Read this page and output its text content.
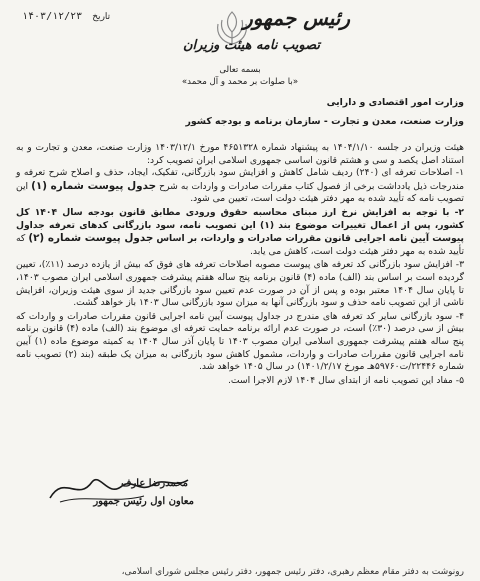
۱۴۰۳/۱۲/۲۳ تاریخ	رئیس جمهور
تصویب نامه هیئت وزیران

بسمه تعالی

«با صلوات بر محمد و آل محمد»

وزارت امور اقتصادی و دارایی

وزارت صنعت، معدن و تجارت - سازمان برنامه و بودجه کشور

هیئت وزیران در جلسه ۱۴۰۴/۱/۱۰ به پیشنهاد شماره ۴۶۵۱۳۲۸ مورخ ۱۴۰۳/۱۲/۱ وزارت صنعت، معدن و تجارت و به استناد اصل یکصد و سی و هشتم قانون اساسی جمهوری اسلامی ایران تصویب کرد:

۱- اصلاحات تعرفه ای (۲۴۰) ردیف شامل کاهش و افزایش سود بازرگانی، تفکیک، ایجاد، حذف و اصلاح شرح تعرفه و مندرجات ذیل یادداشت برخی از فصول کتاب مقررات صادرات و واردات به شرح جدول پیوست شماره (۱) این تصویب نامه که تأیید شده به مهر دفتر هیئت دولت است، تعیین می شود.

۲- با توجه به افزایش نرخ ارز مبنای محاسبه حقوق ورودی مطابق قانون بودجه سال ۱۴۰۴ کل کشور، پس از اعمال تغییرات موضوع بند (۱) این تصویب نامه، سود بازرگانی کدهای تعرفه جداول پیوست آیین نامه اجرایی قانون مقررات صادرات و واردات، بر اساس جدول پیوست شماره (۲) که تأیید شده به مهر دفتر هیئت دولت است، کاهش می یابد.

۳- افزایش سود بازرگانی کد تعرفه های پیوست مصوبه اصلاحات تعرفه های فوق که بیش از یازده درصد (۱۱٪)، تعیین گردیده است بر اساس بند (الف) ماده (۴) قانون برنامه پنج ساله هفتم پیشرفت جمهوری اسلامی ایران مصوب ۱۴۰۳، تا پایان سال ۱۴۰۴ معتبر بوده و پس از آن در صورت عدم تعیین سود بازرگانی جدید از سوی هیئت وزیران، افزایش ناشی از این تصویب نامه حذف و سود بازرگانی آنها به میزان سود بازرگانی سال ۱۴۰۳ باز خواهد گشت.

۴- سود بازرگانی سایر کد تعرفه های مندرج در جداول پیوست آیین نامه اجرایی قانون مقررات صادرات و واردات که بیش از سی درصد (۳۰٪) است، در صورت عدم ارائه برنامه حمایت تعرفه ای موضوع بند (الف) ماده (۴) قانون برنامه پنج ساله هفتم پیشرفت جمهوری اسلامی ایران مصوب ۱۴۰۳ تا پایان آذر سال ۱۴۰۴ به کمیته موضوع ماده (۱) آیین نامه اجرایی قانون مقررات صادرات و واردات، مشمول کاهش سود بازرگانی به میزان یک طبقه (بند (۲) تصویب نامه شماره ۲۲۴۴۶/ت۵۹۷۶۰هـ مورخ ۱۴۰۱/۲/۱۷) در سال ۱۴۰۵ خواهد شد.

۵- مفاد این تصویب نامه از ابتدای سال ۱۴۰۴ لازم الاجرا است.

محمدرضا عارف
معاون اول رئیس جمهور
رونوشت به دفتر مقام معظم رهبری، دفتر رئیس جمهور، دفتر رئیس مجلس شورای اسلامی،
